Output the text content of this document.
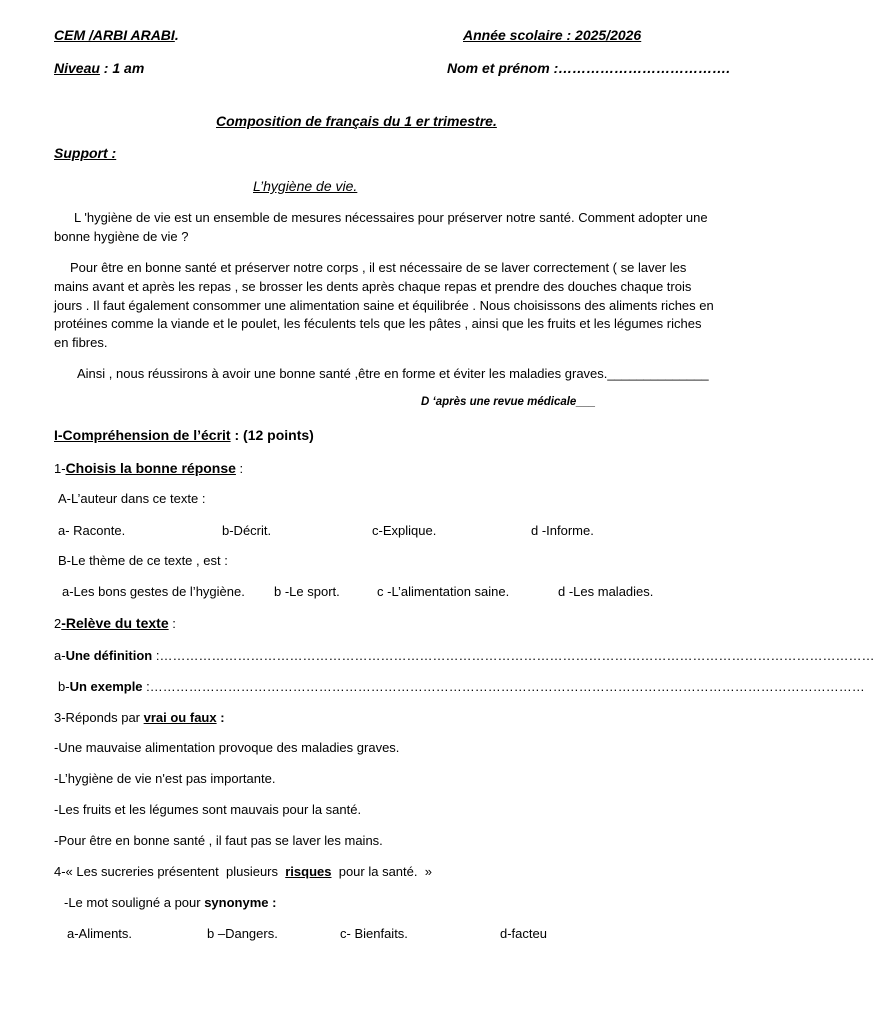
CEM /ARBI ARABI.	Année scolaire : 2025/2026
Niveau : 1 am	Nom et prénom :……………………………….
Composition de français du 1 er trimestre.
Support :
L’hygiène de vie.
L 'hygiène de vie est un ensemble de mesures nécessaires pour préserver notre santé. Comment adopter une bonne hygiène de vie ?
Pour être en bonne santé et préserver notre corps , il est nécessaire de se laver correctement ( se laver les mains avant et après les repas , se brosser les dents après chaque repas et prendre des douches chaque trois jours . Il faut également consommer une alimentation saine et équilibrée . Nous choisissons des aliments riches en protéines comme la viande et le poulet, les féculents tels que les pâtes , ainsi que les fruits et les légumes riches en fibres.
Ainsi , nous réussirons à avoir une bonne santé ,être en forme et éviter les maladies graves.______________
D ‘après une revue médicale___
I-Compréhension de l’écrit : (12 points)
1-Choisis la bonne réponse :
A-L’auteur dans ce texte :
a- Raconte.	b-Décrit.	c-Explique.	d -Informe.
B-Le thème de ce texte , est :
a-Les bons gestes de l’hygiène. b -Le sport.	c -L’alimentation saine.	d -Les maladies.
2-Relève du texte :
a-Une définition :…………………………………………………………………………………………………………………………………………………
b-Un exemple :…………………………………………………………………………………………………………………………………………………
3-Réponds par vrai ou faux :
-Une mauvaise alimentation provoque des maladies graves.
-L’hygiène de vie n'est pas importante.
-Les fruits et les légumes sont mauvais pour la santé.
-Pour être en bonne santé , il faut pas se laver les mains.
4-« Les sucreries présentent  plusieurs  risques  pour la santé.  »
-Le mot souligné a pour synonyme :
a-Aliments.	b –Dangers.	c- Bienfaits.	d-facteu
